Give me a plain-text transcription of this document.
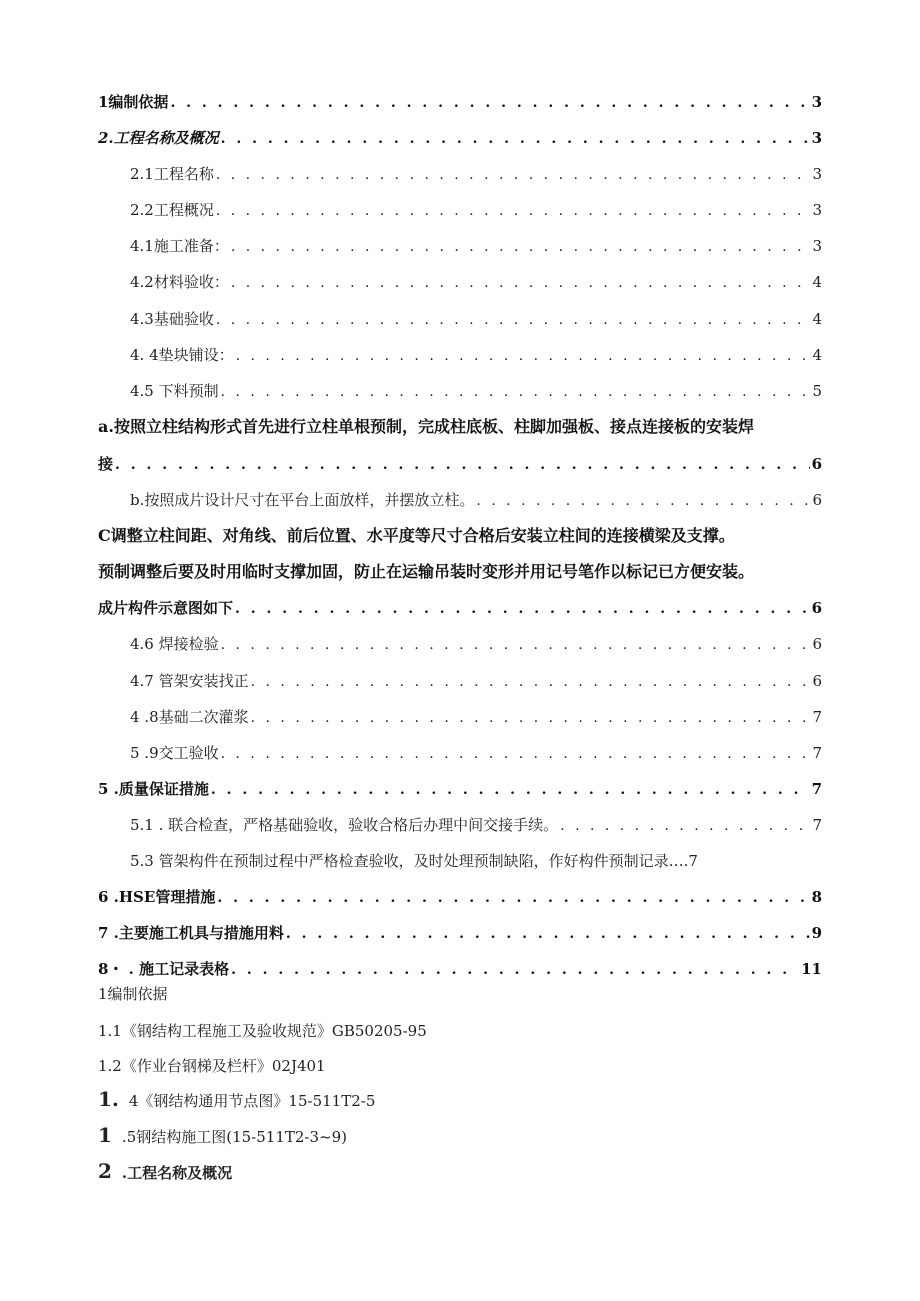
1编制依据 . . .	3
2.工程名称及概况 . . .	3
2.1工程名称 . . .	3
2.2工程概况 . . .	3
4.1施工准备： . . .	3
4.2材料验收： . . .	4
4.3基础验收 . . .	4
4. 4垫块铺设： . . .	4
4.5 下料预制 . . .	5
a.按照立柱结构形式首先进行立柱单根预制，完成柱底板、柱脚加强板、接点连接板的安装焊
接 . . .	6
b.按照成片设计尺寸在平台上面放样，并摆放立柱。 . . .	6
C调整立柱间距、对角线、前后位置、水平度等尺寸合格后安装立柱间的连接横梁及支撑。
预制调整后要及时用临时支撑加固，防止在运输吊装时变形并用记号笔作以标记已方便安装。
成片构件示意图如下 . . .	6
4.6 焊接检验 . . .	6
4.7 管架安装找正 . . .	6
4 .8基础二次灌浆 . . .	7
5 .9交工验收 . . .	7
5 .质量保证措施 . . .	7
5.1 . 联合检查，严格基础验收，验收合格后办理中间交接手续。 . . .	7
5.3 管架构件在预制过程中严格检查验收，及时处理预制缺陷，作好构件预制记录… .7
6 .HSE管理措施 . . .	8
7 .主要施工机具与措施用料 . . .	9
8・ . 施工记录表格 . . .	11
1编制依据
1.1《钢结构工程施工及验收规范》GB50205-95
1.2《作业台钢梯及栏杆》02J401
1. 4《钢结构通用节点图》15-511T2-5
1 .5钢结构施工图(15-511T2-3~9)
2 .工程名称及概况
